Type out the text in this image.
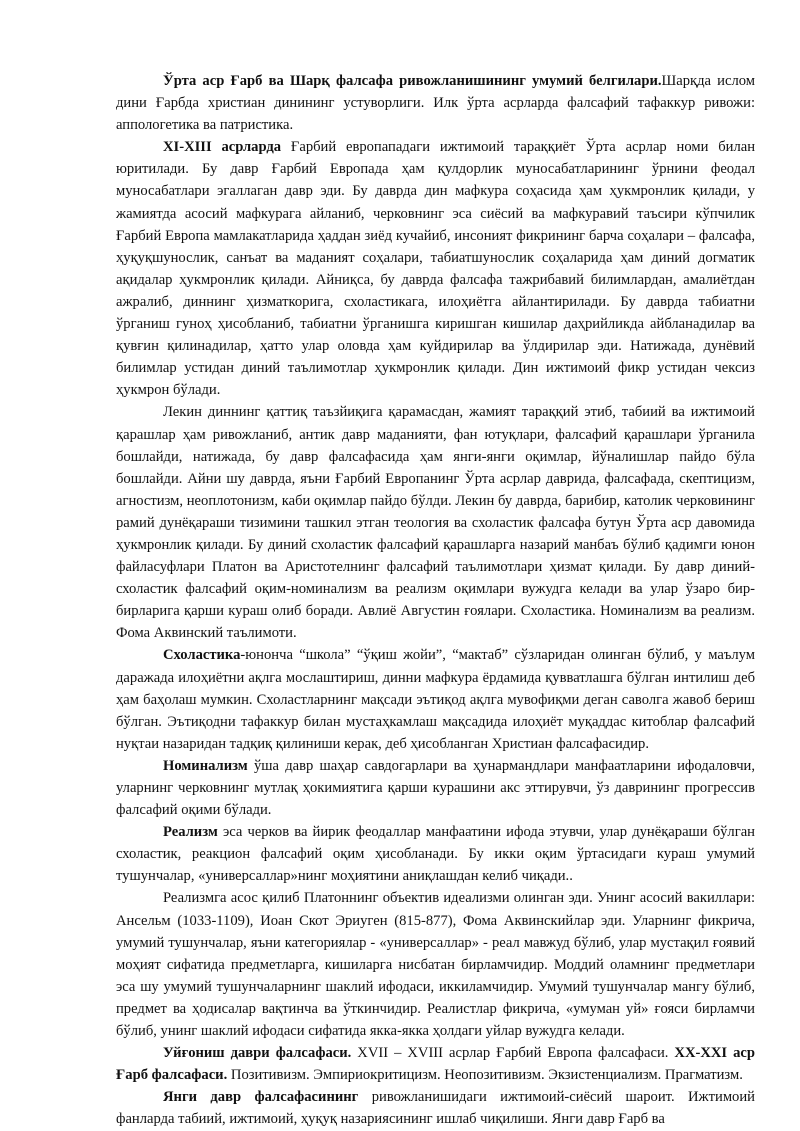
Ўрта аср Ғарб ва Шарқ фалсафа ривожланишининг умумий белгилари.Шарқда ислом дини Ғарбда христиан динининг устуворлиги. Илк ўрта асрларда фалсафий тафаккур ривожи: аппологетика ва патристика.

XI-XIII асрларда Ғарбий европападаги ижтимоий тараққиёт Ўрта асрлар номи билан юритилади. Бу давр Ғарбий Европада ҳам қулдорлик муносабатларининг ўрнини феодал муносабатлари эгаллаган давр эди. Бу даврда дин мафкура соҳасида ҳам ҳукмронлик қилади, у жамиятда асосий мафкурага айланиб, черковнинг эса сиёсий ва мафкуравий таъсири кўпчилик Ғарбий Европа мамлакатларида ҳаддан зиёд кучайиб, инсоният фикрининг барча соҳалари – фалсафа, ҳуқуқшунослик, санъат ва маданият соҳалари, табиатшунослик соҳаларида ҳам диний догматик ақидалар ҳукмронлик қилади. Айниқса, бу даврда фалсафа тажрибавий билимлардан, амалиётдан ажралиб, диннинг ҳизматкорига, схоластикага, илоҳиётга айлантирилади. Бу даврда табиатни ўрганиш гуноҳ ҳисобланиб, табиатни ўрганишга киришган кишилар даҳрийликда айбланадилар ва қувғин қилинадилар, ҳатто улар оловда ҳам куйдирилар ва ўлдирилар эди. Натижада, дунёвий билимлар устидан диний таълимотлар ҳукмронлик қилади. Дин ижтимоий фикр устидан чексиз ҳукмрон бўлади.

Лекин диннинг қаттиқ таъзйиқига қарамасдан, жамият тараққий этиб, табиий ва ижтимоий қарашлар ҳам ривожланиб, антик давр маданияти, фан ютуқлари, фалсафий қарашлари ўрганила бошлайди, натижада, бу давр фалсафасида ҳам янги-янги оқимлар, йўналишлар пайдо бўла бошлайди. Айни шу даврда, яъни Ғарбий Европанинг Ўрта асрлар даврида, фалсафада, скептицизм, агностизм, неоплотонизм, каби оқимлар пайдо бўлди. Лекин бу даврда, барибир, католик черковининг рамий дунёқараши тизимини ташкил этган теология ва схоластик фалсафа бутун Ўрта аср давомида ҳукмронлик қилади. Бу диний схоластик фалсафий қарашларга назарий манбаъ бўлиб қадимги юнон файласуфлари Платон ва Аристотелнинг фалсафий таълимотлари ҳизмат қилади. Бу давр диний-схоластик фалсафий оқим-номинализм ва реализм оқимлари вужудга келади ва улар ўзаро бир-бирларига қарши кураш олиб боради. Авлиё Августин ғоялари. Схоластика. Номинализм ва реализм. Фома Аквинский таълимоти.

Схоластика-юнонча “школа” “ўқиш жойи”, “мактаб” сўзларидан олинган бўлиб, у маълум даражада илоҳиётни ақлга мослаштириш, динни мафкура ёрдамида қувватлашга бўлган интилиш деб ҳам баҳолаш мумкин. Схоластларнинг мақсади эътиқод ақлга мувофиқми деган саволга жавоб бериш бўлган. Эътиқодни тафаккур билан мустаҳкамлаш мақсадида илоҳиёт муқаддас китоблар фалсафий нуқтаи назаридан тадқиқ қилиниши керак, деб ҳисобланган Христиан фалсафасидир.

Номинализм ўша давр шаҳар савдогарлари ва ҳунармандлари манфаатларини ифодаловчи, уларнинг черковнинг мутлақ ҳокимиятига қарши курашини акс эттирувчи, ўз даврининг прогрессив фалсафий оқими бўлади.

Реализм эса черков ва йирик феодаллар манфаатини ифода этувчи, улар дунёқараши бўлган схоластик, реакцион фалсафий оқим ҳисобланади. Бу икки оқим ўртасидаги кураш умумий тушунчалар, «универсаллар»нинг моҳиятини аниқлашдан келиб чиқади..

Реализмга асос қилиб Платоннинг объектив идеализми олинган эди. Унинг асосий вакиллари: Ансельм (1033-1109), Иоан Скот Эриуген (815-877), Фома Аквинскийлар эди. Уларнинг фикрича, умумий тушунчалар, яъни категориялар - «универсаллар» - реал мавжуд бўлиб, улар мустақил ғоявий моҳият сифатида предметларга, кишиларга нисбатан бирламчидир. Моддий оламнинг предметлари эса шу умумий тушунчаларнинг шаклий ифодаси, иккиламчидир. Умумий тушунчалар мангу бўлиб, предмет ва ҳодисалар вақтинча ва ўткинчидир. Реалистлар фикрича, «умуман уй» ғояси бирламчи бўлиб, унинг шаклий ифодаси сифатида якка-якка ҳолдаги уйлар вужудга келади.

Уйғониш даври фалсафаси. XVII – XVIII асрлар Ғарбий Европа фалсафаси. XX-XXI аср Ғарб фалсафаси. Позитивизм. Эмпириокритицизм. Неопозитивизм. Экзистенциализм. Прагматизм.

Янги давр фалсафасининг ривожланишидаги ижтимоий-сиёсий шароит. Ижтимоий фанларда табиий, ижтимоий, ҳуқуқ назариясининг ишлаб чиқилиши. Янги давр Ғарб ва
